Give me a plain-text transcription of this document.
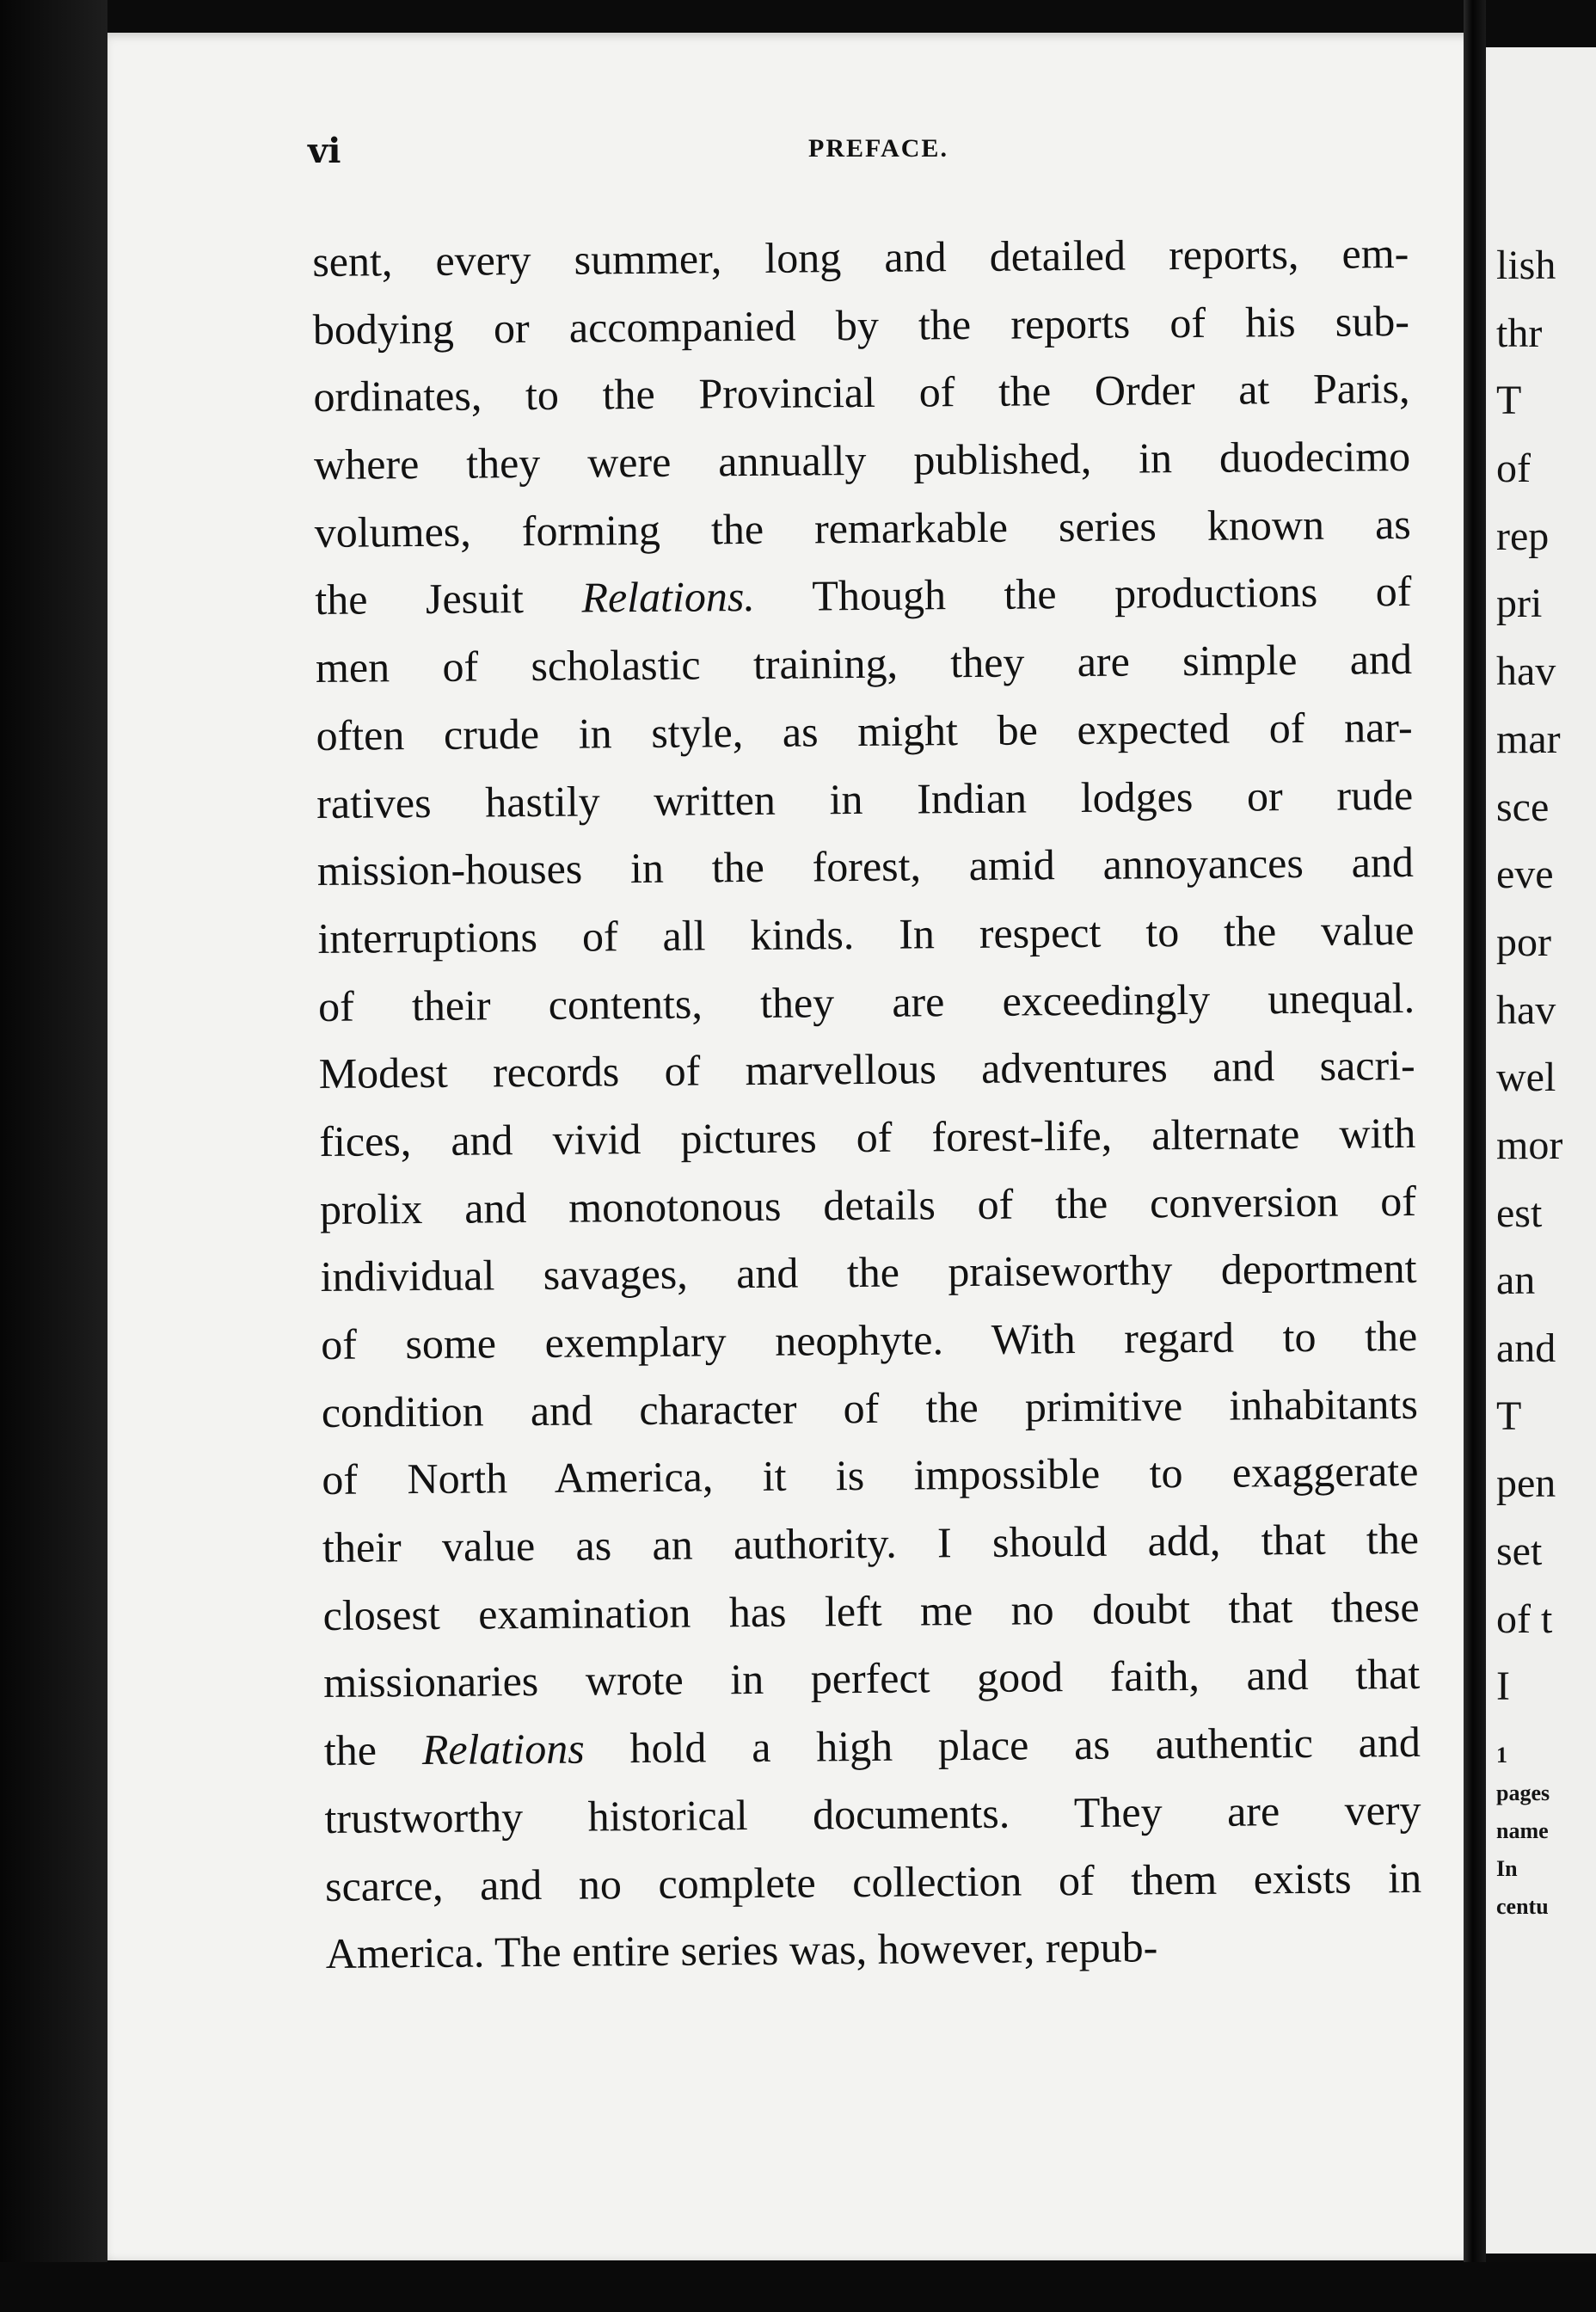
lish
thr
T
of
rep
pri
hav
mar
sce
eve
por
hav
wel
mor
est
an
and
T
pen
set
of t
I
1
pages
name
In
centu
vi	PREFACE.
sent, every summer, long and detailed reports, em-
bodying or accompanied by the reports of his sub-
ordinates, to the Provincial of the Order at Paris,
where they were annually published, in duodecimo
volumes, forming the remarkable series known as
the Jesuit Relations. Though the productions of
men of scholastic training, they are simple and
often crude in style, as might be expected of nar-
ratives hastily written in Indian lodges or rude
mission-houses in the forest, amid annoyances and
interruptions of all kinds. In respect to the value
of their contents, they are exceedingly unequal.
Modest records of marvellous adventures and sacri-
fices, and vivid pictures of forest-life, alternate with
prolix and monotonous details of the conversion of
individual savages, and the praiseworthy deportment
of some exemplary neophyte. With regard to the
condition and character of the primitive inhabitants
of North America, it is impossible to exaggerate
their value as an authority. I should add, that the
closest examination has left me no doubt that these
missionaries wrote in perfect good faith, and that
the Relations hold a high place as authentic and
trustworthy historical documents. They are very
scarce, and no complete collection of them exists in
America. The entire series was, however, repub-
